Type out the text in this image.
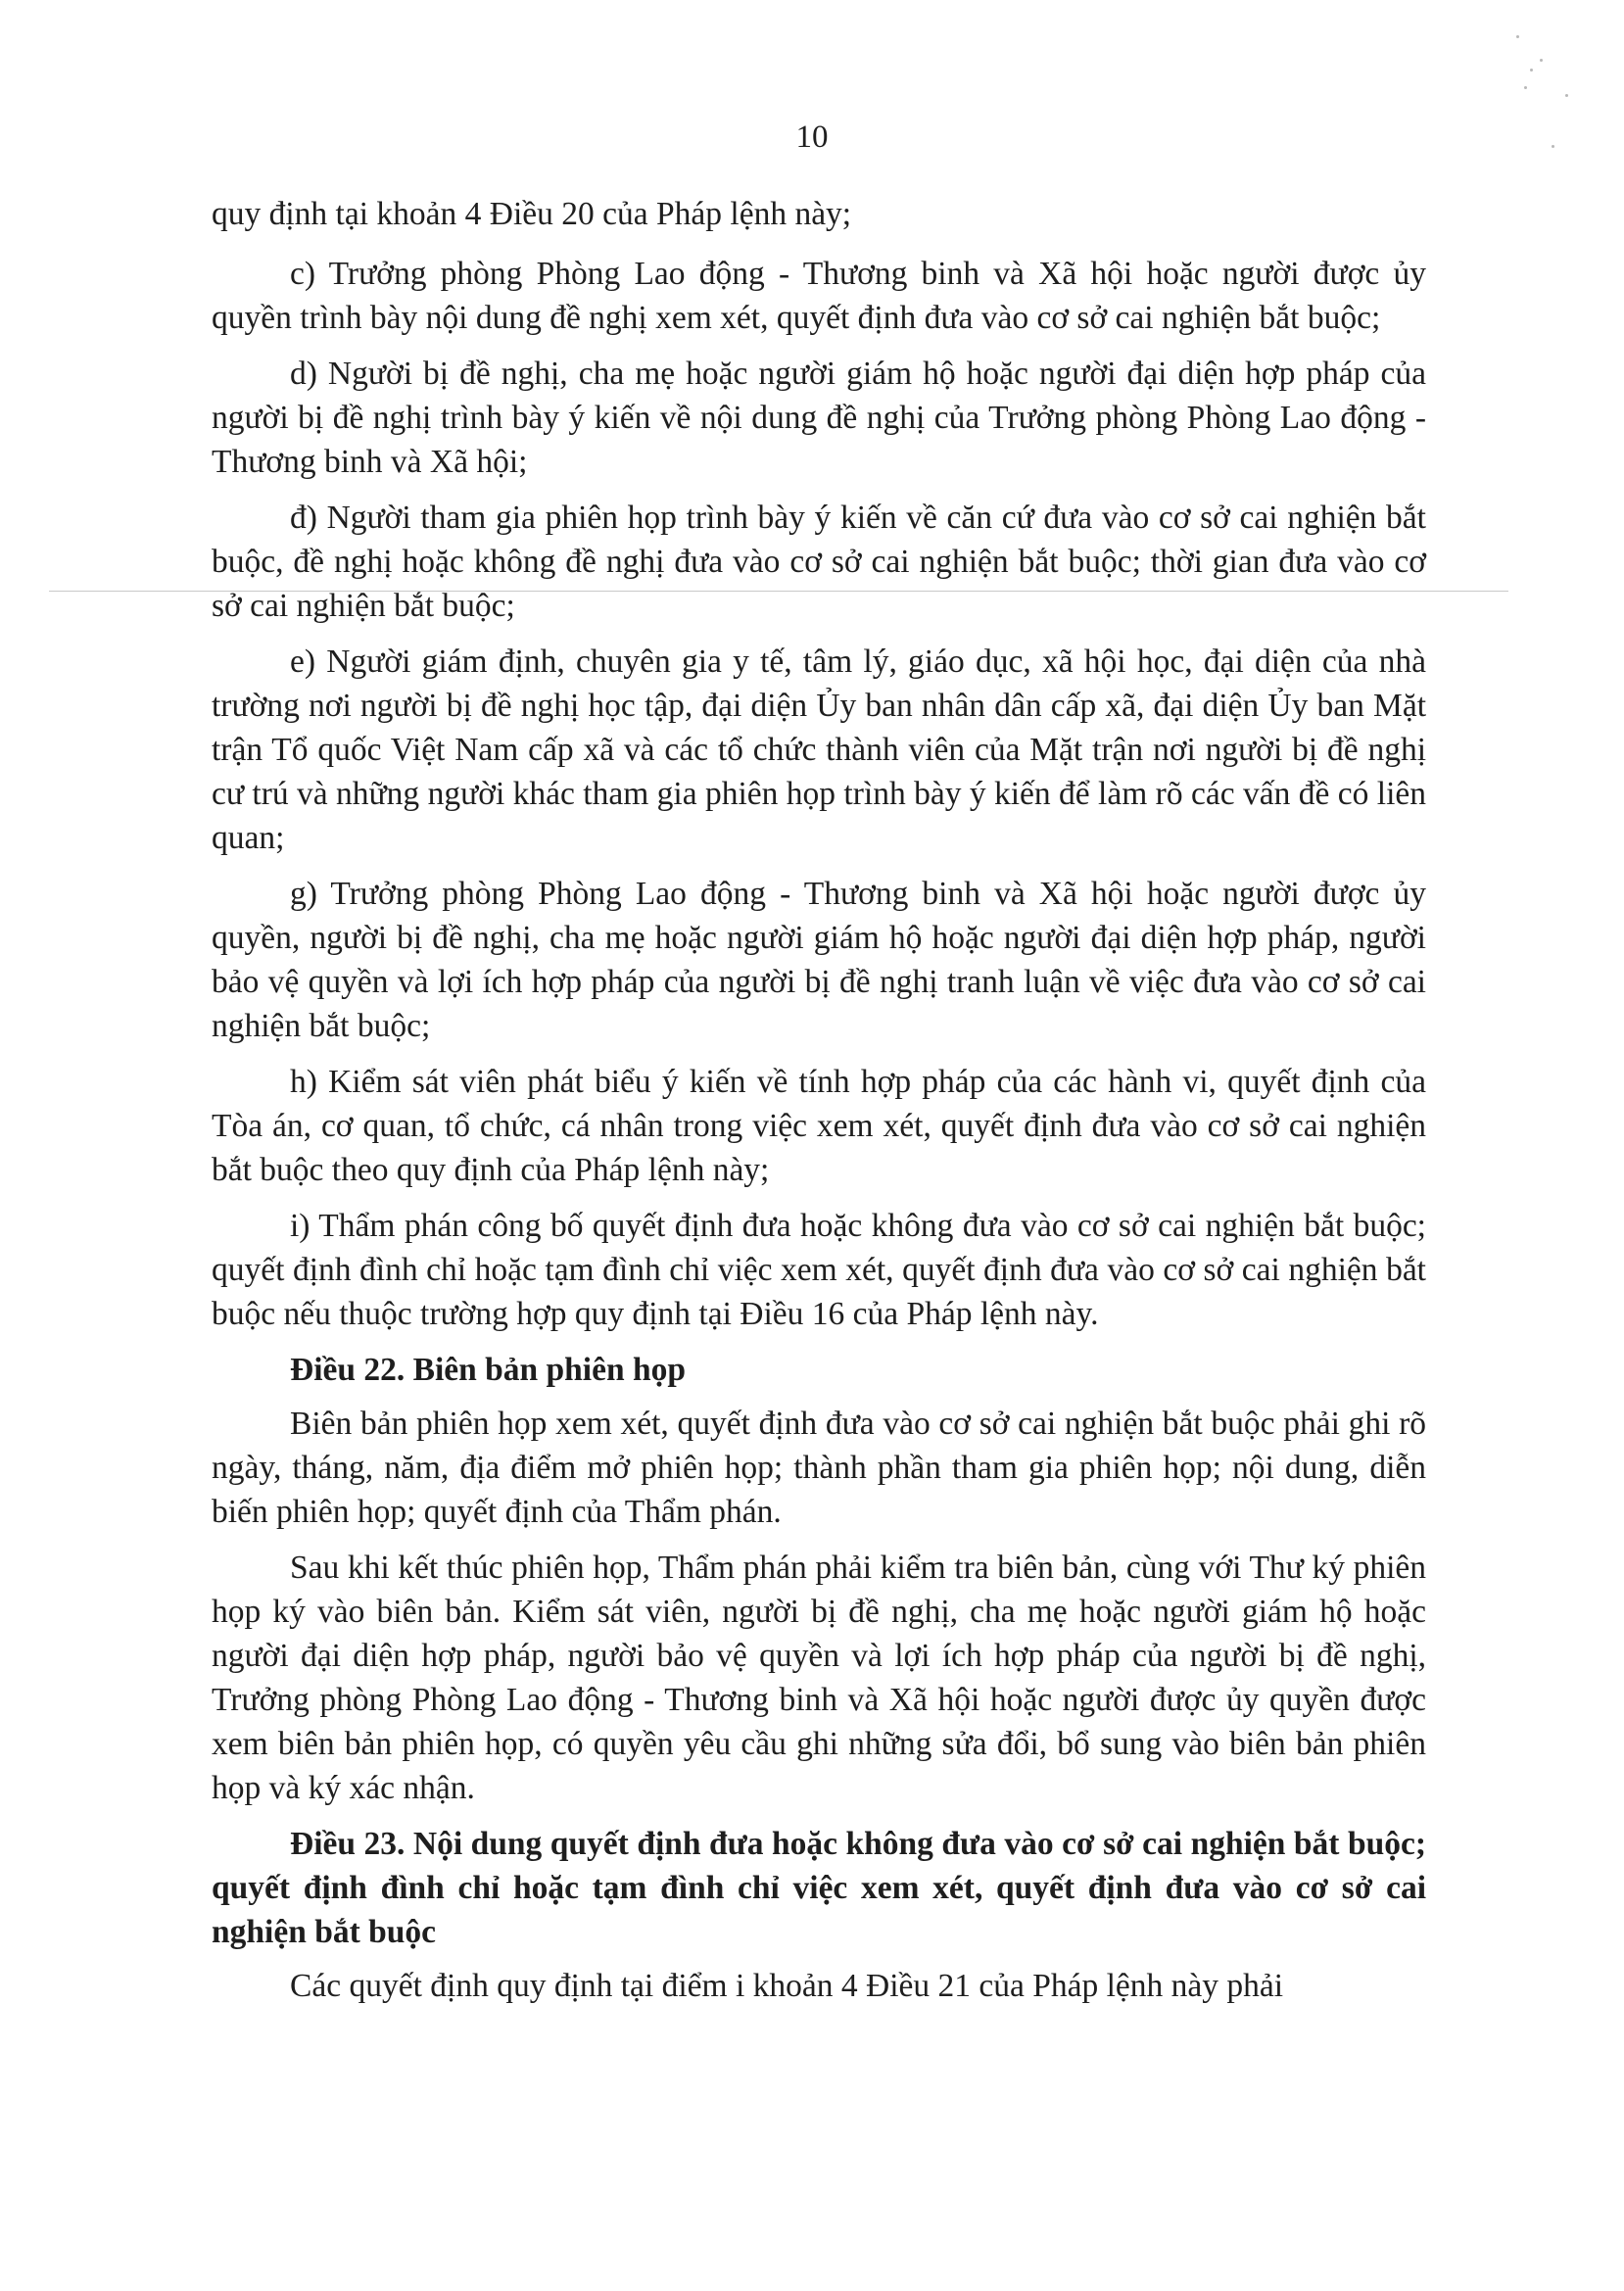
10

quy định tại khoản 4 Điều 20 của Pháp lệnh này;

c) Trưởng phòng Phòng Lao động - Thương binh và Xã hội hoặc người được ủy quyền trình bày nội dung đề nghị xem xét, quyết định đưa vào cơ sở cai nghiện bắt buộc;

d) Người bị đề nghị, cha mẹ hoặc người giám hộ hoặc người đại diện hợp pháp của người bị đề nghị trình bày ý kiến về nội dung đề nghị của Trưởng phòng Phòng Lao động - Thương binh và Xã hội;

đ) Người tham gia phiên họp trình bày ý kiến về căn cứ đưa vào cơ sở cai nghiện bắt buộc, đề nghị hoặc không đề nghị đưa vào cơ sở cai nghiện bắt buộc; thời gian đưa vào cơ sở cai nghiện bắt buộc;

e) Người giám định, chuyên gia y tế, tâm lý, giáo dục, xã hội học, đại diện của nhà trường nơi người bị đề nghị học tập, đại diện Ủy ban nhân dân cấp xã, đại diện Ủy ban Mặt trận Tổ quốc Việt Nam cấp xã và các tổ chức thành viên của Mặt trận nơi người bị đề nghị cư trú và những người khác tham gia phiên họp trình bày ý kiến để làm rõ các vấn đề có liên quan;

g) Trưởng phòng Phòng Lao động - Thương binh và Xã hội hoặc người được ủy quyền, người bị đề nghị, cha mẹ hoặc người giám hộ hoặc người đại diện hợp pháp, người bảo vệ quyền và lợi ích hợp pháp của người bị đề nghị tranh luận về việc đưa vào cơ sở cai nghiện bắt buộc;

h) Kiểm sát viên phát biểu ý kiến về tính hợp pháp của các hành vi, quyết định của Tòa án, cơ quan, tổ chức, cá nhân trong việc xem xét, quyết định đưa vào cơ sở cai nghiện bắt buộc theo quy định của Pháp lệnh này;

i) Thẩm phán công bố quyết định đưa hoặc không đưa vào cơ sở cai nghiện bắt buộc; quyết định đình chỉ hoặc tạm đình chỉ việc xem xét, quyết định đưa vào cơ sở cai nghiện bắt buộc nếu thuộc trường hợp quy định tại Điều 16 của Pháp lệnh này.

Điều 22. Biên bản phiên họp

Biên bản phiên họp xem xét, quyết định đưa vào cơ sở cai nghiện bắt buộc phải ghi rõ ngày, tháng, năm, địa điểm mở phiên họp; thành phần tham gia phiên họp; nội dung, diễn biến phiên họp; quyết định của Thẩm phán.

Sau khi kết thúc phiên họp, Thẩm phán phải kiểm tra biên bản, cùng với Thư ký phiên họp ký vào biên bản. Kiểm sát viên, người bị đề nghị, cha mẹ hoặc người giám hộ hoặc người đại diện hợp pháp, người bảo vệ quyền và lợi ích hợp pháp của người bị đề nghị, Trưởng phòng Phòng Lao động - Thương binh và Xã hội hoặc người được ủy quyền được xem biên bản phiên họp, có quyền yêu cầu ghi những sửa đổi, bổ sung vào biên bản phiên họp và ký xác nhận.

Điều 23. Nội dung quyết định đưa hoặc không đưa vào cơ sở cai nghiện bắt buộc; quyết định đình chỉ hoặc tạm đình chỉ việc xem xét, quyết định đưa vào cơ sở cai nghiện bắt buộc

Các quyết định quy định tại điểm i khoản 4 Điều 21 của Pháp lệnh này phải
